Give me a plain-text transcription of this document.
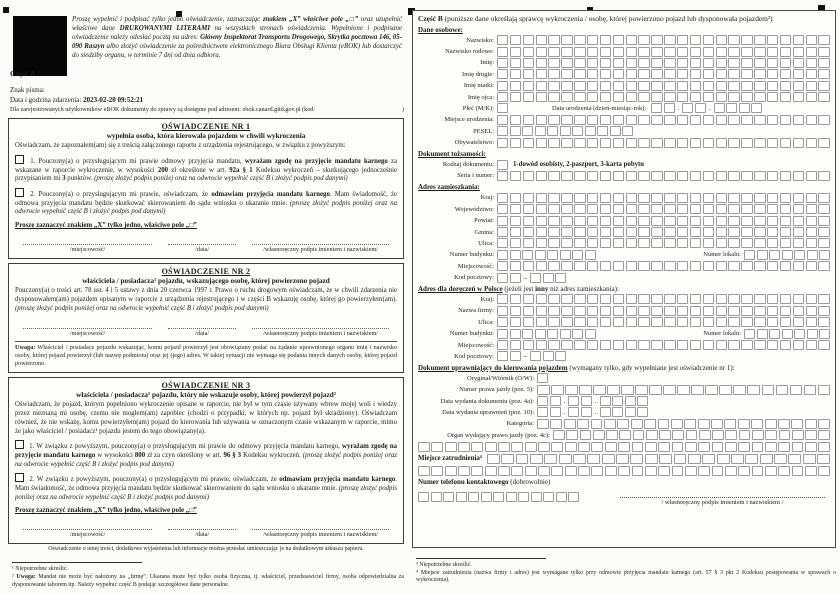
Proszę wypełnić i podpisać tylko jedno oświadczenie, zaznaczając znakiem „X” właściwe pole „□” oraz uzupełnić właściwe dane DRUKOWANYMI LITERAMI na wszystkich stronach oświadczenia. Wypełnione i podpisane oświadczenie należy odesłać pocztą na adres: Główny Inspektorat Transportu Drogowego, Skrytka pocztowa 146, 05-090 Raszyn albo złożyć oświadczenie za pośrednictwem elektronicznego Biura Obsługi Klienta (eBOK) lub dostarczyć do siedziby organu, w terminie 7 dni od dnia odbioru.

Część A
Znak pisma:
Data i godzina zdarzenia: 2023-02-20 09:52:21
Dla zarejestrowanych użytkowników eBOK dokumenty do sprawy są dostępne pod adresem: ebok.canard.gitd.gov.pl (kod:	)
OŚWIADCZENIE NR 1
wypełnia osoba, która kierowała pojazdem w chwili wykroczenia
Oświadczam, że zapoznałem(am) się z treścią załączonego raportu z urządzenia rejestrującego, w związku z powyższym:
1. Pouczony(a) o przysługującym mi prawie odmowy przyjęcia mandatu, wyrażam zgodę na przyjęcie mandatu karnego za wskazane w raporcie wykroczenie, w wysokości 200 zł określone w art. 92a § 1 Kodeksu wykroczeń – skutkującego jednocześnie przypisaniem mi 3 punktów. (proszę złożyć podpis poniżej oraz na odwrocie wypełnić część B i złożyć podpis pod danymi)
2. Pouczony(a) o przysługującym mi prawie, oświadczam, że odmawiam przyjęcia mandatu karnego. Mam świadomość, że odmowa przyjęcia mandatu będzie skutkować skierowaniem do sądu wniosku o ukaranie mnie. (proszę złożyć podpis poniżej oraz na odwrocie wypełnić część B i złożyć podpis pod danymi)
Proszę zaznaczyć znakiem „X” tylko jedno, właściwe pole „□”
/miejscowość/	/data/	/własnoręczny podpis imieniem i nazwiskiem/
OŚWIADCZENIE NR 2
właściciela / posiadacza¹ pojazdu, wskazującego osobę, której powierzono pojazd
Pouczony(a) o treści art. 78 ust. 4 i 5 ustawy z dnia 20 czerwca 1997 r. Prawo o ruchu drogowym oświadczam, że w chwili zdarzenia nie dysponowałem(am) pojazdem opisanym w raporcie z urządzenia rejestrującego i w części B wskazuję osobę, której go powierzyłem(am). (proszę złożyć podpis poniżej oraz na odwrocie wypełnić część B i złożyć podpis pod danymi)
/miejscowość/	/data/	/własnoręczny podpis imieniem i nazwiskiem/
Uwaga: Właściciel / posiadacz pojazdu wskazując, komu pojazd powierzył jest obowiązany podać na żądanie uprawnionego organu imię i nazwisko osoby, której pojazd powierzył (lub nazwę podmiotu) oraz jej (jego) adres. W takiej sytuacji nie wymaga się podania innych danych osoby, której pojazd powierzono.
OŚWIADCZENIE NR 3
właściciela / posiadacza¹ pojazdu, który nie wskazuje osoby, której powierzył pojazd²
Oświadczam, że pojazd, którym popełniono wykroczenie opisane w raporcie, nie był w tym czasie używany wbrew mojej woli i wiedzy przez nieznaną mi osobę, czemu nie mogłem(am) zapobiec (chodzi o przypadki, w których np. pojazd był skradziony). Oświadczam również, że nie wskażę, komu powierzyłem(am) pojazd do kierowania lub używania w oznaczonym czasie wskazanym w raporcie, mimo że jako właściciel / posiadacz¹ pojazdu jestem do tego obowiązany(a).
1. W związku z powyższym, pouczony(a) o przysługującym mi prawie do odmowy przyjęcia mandatu karnego, wyrażam zgodę na przyjęcie mandatu karnego w wysokości 800 zł za czyn określony w art. 96 § 3 Kodeksu wykroczeń. (proszę złożyć podpis poniżej oraz na odwrocie wypełnić część B i złożyć podpis pod danymi)
2. W związku z powyższym, pouczony(a) o przysługującym mi prawie, oświadczam, że odmawiam przyjęcia mandatu karnego. Mam świadomość, że odmowa przyjęcia mandatu będzie skutkować skierowaniem do sądu wniosku o ukaranie mnie. (proszę złożyć podpis poniżej oraz na odwrocie wypełnić część B i złożyć podpis pod danymi)
Proszę zaznaczyć znakiem „X” tylko jedno, właściwe pole „□”
/miejscowość/	/data/	/własnoręczny podpis imieniem i nazwiskiem/
Oświadczenie o innej treści, dodatkowe wyjaśnienia lub informacje można przesłać umieszczając je na dodatkowym arkuszu papieru.
¹ Niepotrzebne skreślić.
² Uwaga: Mandat nie może być nałożony na „firmę”. Ukarana może być tylko osoba fizyczna, tj. właściciel, przedstawiciel firmy, osoba odpowiedzialna za dysponowanie taborem itp. Należy wypełnić część B podając szczegółowe dane personalne.
Część B (poniższe dane określają sprawcę wykroczenia / osobę, której powierzono pojazd lub dysponowała pojazdem³)
Dane osobowe:
Nazwisko:
Nazwisko rodowe:
Imię:
Imię drugie:
Imię matki:
Imię ojca:
Płeć (M/K):	Data urodzenia (dzień-miesiąc-rok):	.	.
Miejsce urodzenia:
PESEL:
Obywatelstwo:
Dokument tożsamości:
Rodzaj dokumentu:	1-dowód osobisty, 2-paszport, 3-karta pobytu
Seria i numer:
Adres zamieszkania:
Kraj:
Województwo:
Powiat:
Gmina:
Ulica:
Numer budynku:	Numer lokalu:
Miejscowość:
Kod pocztowy:	–
Adres dla doręczeń w Polsce (jeżeli jest inny niż adres zamieszkania):
Kraj:
Nazwa firmy:
Ulica:
Numer budynku:	Numer lokalu:
Miejscowość:
Kod pocztowy:	–
Dokument uprawniający do kierowania pojazdem (wymagany tylko, gdy wypełniane jest oświadczenie nr 1):
Oryginał/Wtórnik (O/W):
Numer prawa jazdy (poz. 5):
Data wydania dokumentu (poz. 4a):	.	.
Data wydania uprawnień (poz. 10):	.	.
Kategoria:
Organ wydający prawo jazdy (poz. 4c):
Miejsce zatrudnienia⁴
Numer telefonu kontaktowego (dobrowolnie)
/ własnoręczny podpis imieniem i nazwiskiem /
³ Niepotrzebne skreślić.
⁴ Miejsce zatrudnienia (nazwa firmy i adres) jest wymagane tylko przy odmowie przyjęcia mandatu karnego (art. 57 § 3 pkt 2 Kodeksu postępowania w sprawach o wykroczenia).
